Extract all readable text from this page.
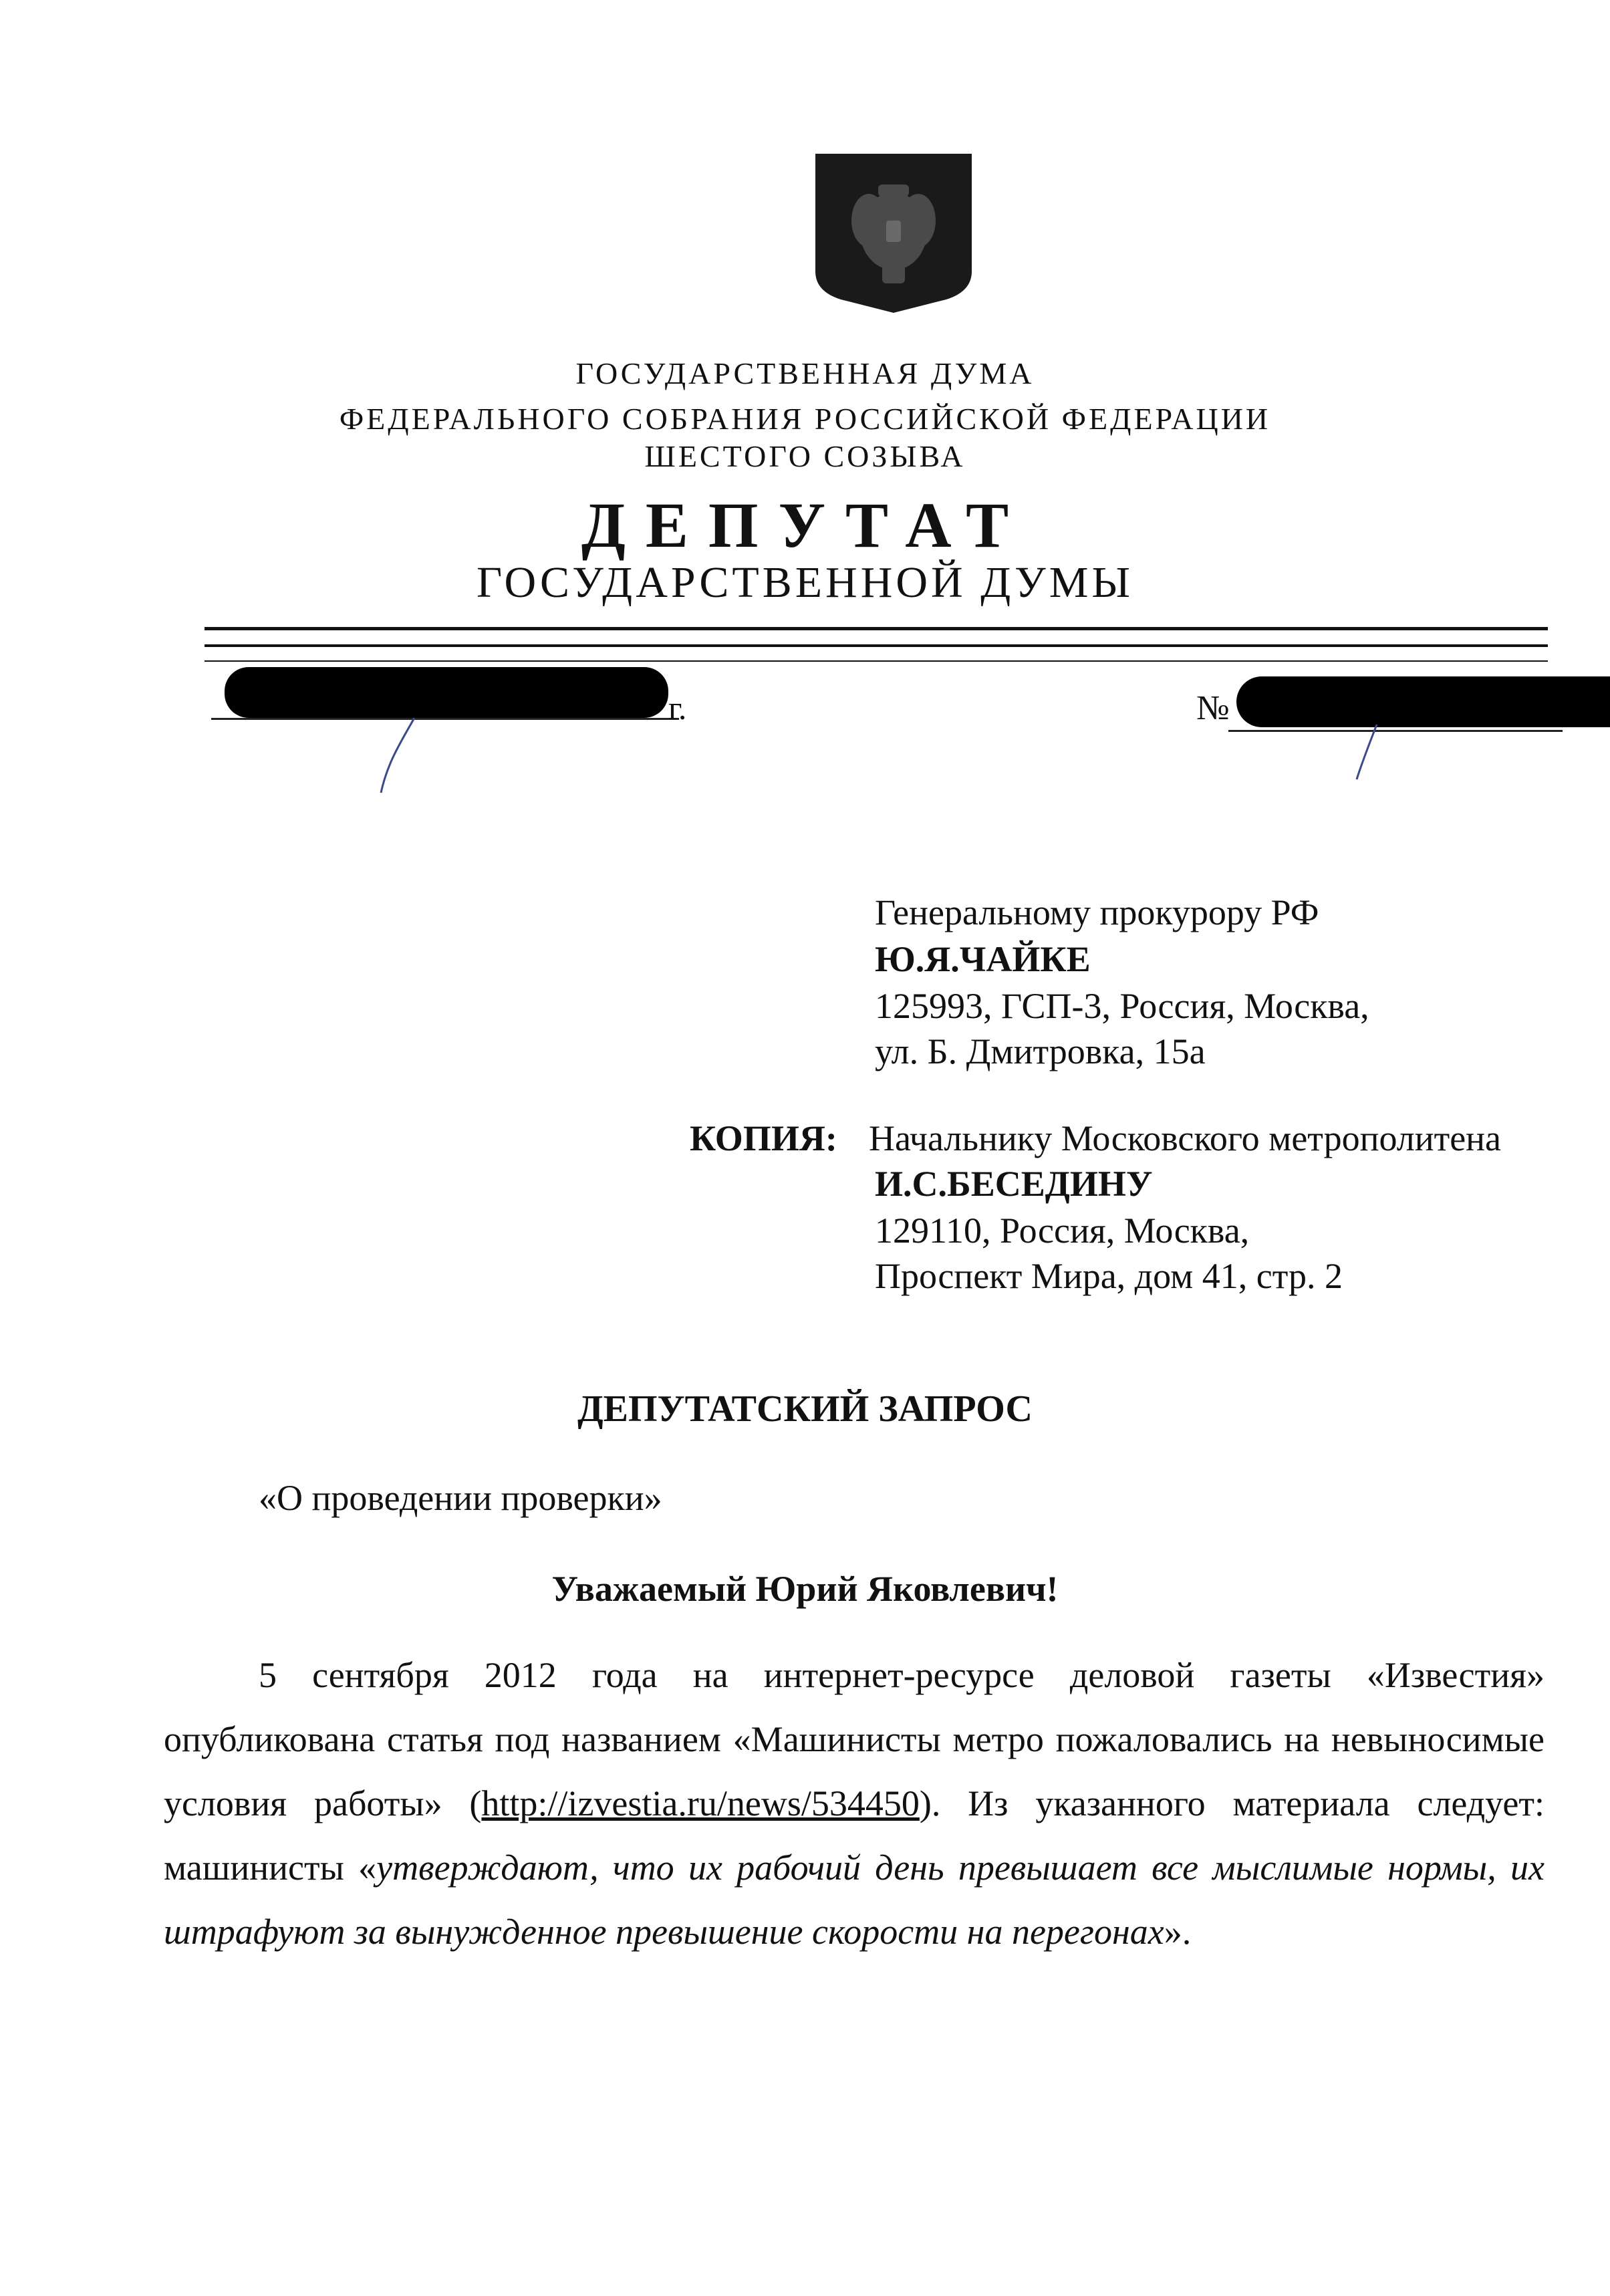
ГОСУДАРСТВЕННАЯ ДУМА
ФЕДЕРАЛЬНОГО СОБРАНИЯ РОССИЙСКОЙ ФЕДЕРАЦИИ
ШЕСТОГО СОЗЫВА
ДЕПУТАТ
ГОСУДАРСТВЕННОЙ ДУМЫ
г.	№
Генеральному прокурору РФ
Ю.Я.ЧАЙКЕ
125993, ГСП-3, Россия, Москва,
ул. Б. Дмитровка, 15а
КОПИЯ: Начальнику Московского метрополитена
И.С.БЕСЕДИНУ
129110, Россия, Москва,
Проспект Мира, дом 41, стр. 2
ДЕПУТАТСКИЙ ЗАПРОС
«О проведении проверки»
Уважаемый Юрий Яковлевич!
5 сентября 2012 года на интернет-ресурсе деловой газеты «Известия» опубликована статья под названием «Машинисты метро пожаловались на невыносимые условия работы» (http://izvestia.ru/news/534450). Из указанного материала следует: машинисты «утверждают, что их рабочий день превышает все мыслимые нормы, их штрафуют за вынужденное превышение скорости на перегонах».
